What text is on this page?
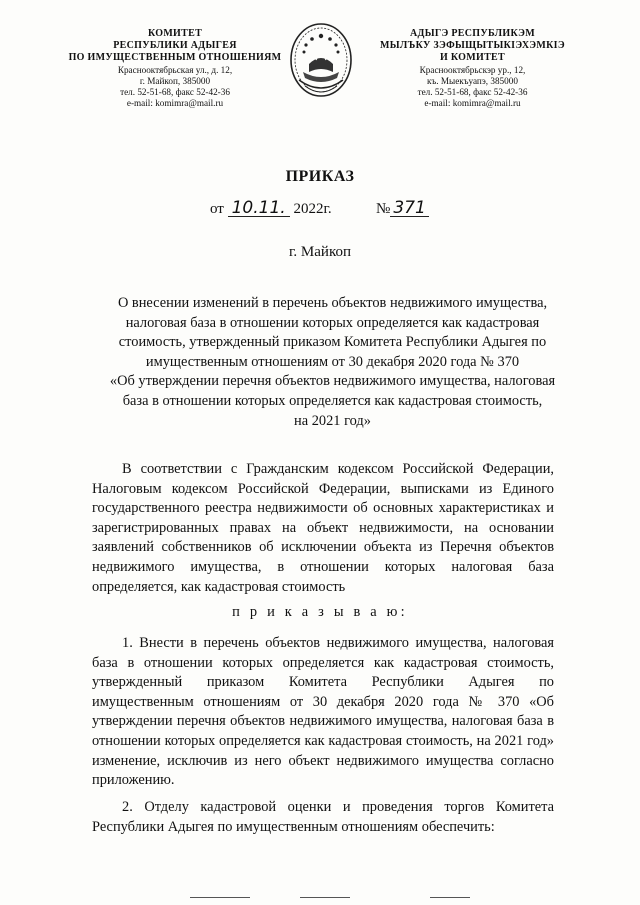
КОМИТЕТ
РЕСПУБЛИКИ АДЫГЕЯ
ПО ИМУЩЕСТВЕННЫМ ОТНОШЕНИЯМ
Краснооктябрьская ул., д. 12,
г. Майкоп, 385000
тел. 52-51-68, факс 52-42-36
e-mail: komimra@mail.ru
АДЫГЭ РЕСПУБЛИКЭМ
МЫЛЪКУ ЗЭФЫЩЫТЫКІЭХЭМКІЭ
И КОМИТЕТ
Краснооктябрьскэр ур., 12,
къ. Мыекъуапэ, 385000
тел. 52-51-68, факс 52-42-36
e-mail: komimra@mail.ru
ПРИКАЗ
от 10.11. 2022г.	№ 371
г. Майкоп
О внесении изменений в перечень объектов недвижимого имущества,
налоговая база в отношении которых определяется как кадастровая
стоимость, утвержденный приказом Комитета Республики Адыгея по
имущественным отношениям от 30 декабря 2020 года № 370
«Об утверждении перечня объектов недвижимого имущества, налоговая
база в отношении которых определяется как кадастровая стоимость,
на 2021 год»
В соответствии с Гражданским кодексом Российской Федерации, Налоговым кодексом Российской Федерации, выписками из Единого государственного реестра недвижимости об основных характеристиках и зарегистрированных правах на объект недвижимости, на основании заявлений собственников об исключении объекта из Перечня объектов недвижимого имущества, в отношении которых налоговая база определяется, как кадастровая стоимость
п р и к а з ы в а ю:
1. Внести в перечень объектов недвижимого имущества, налоговая база в отношении которых определяется как кадастровая стоимость, утвержденный приказом Комитета Республики Адыгея по имущественным отношениям от 30 декабря 2020 года № 370 «Об утверждении перечня объектов недвижимого имущества, налоговая база в отношении которых определяется как кадастровая стоимость, на 2021 год» изменение, исключив из него объект недвижимого имущества согласно приложению.
2. Отделу кадастровой оценки и проведения торгов Комитета Республики Адыгея по имущественным отношениям обеспечить:
